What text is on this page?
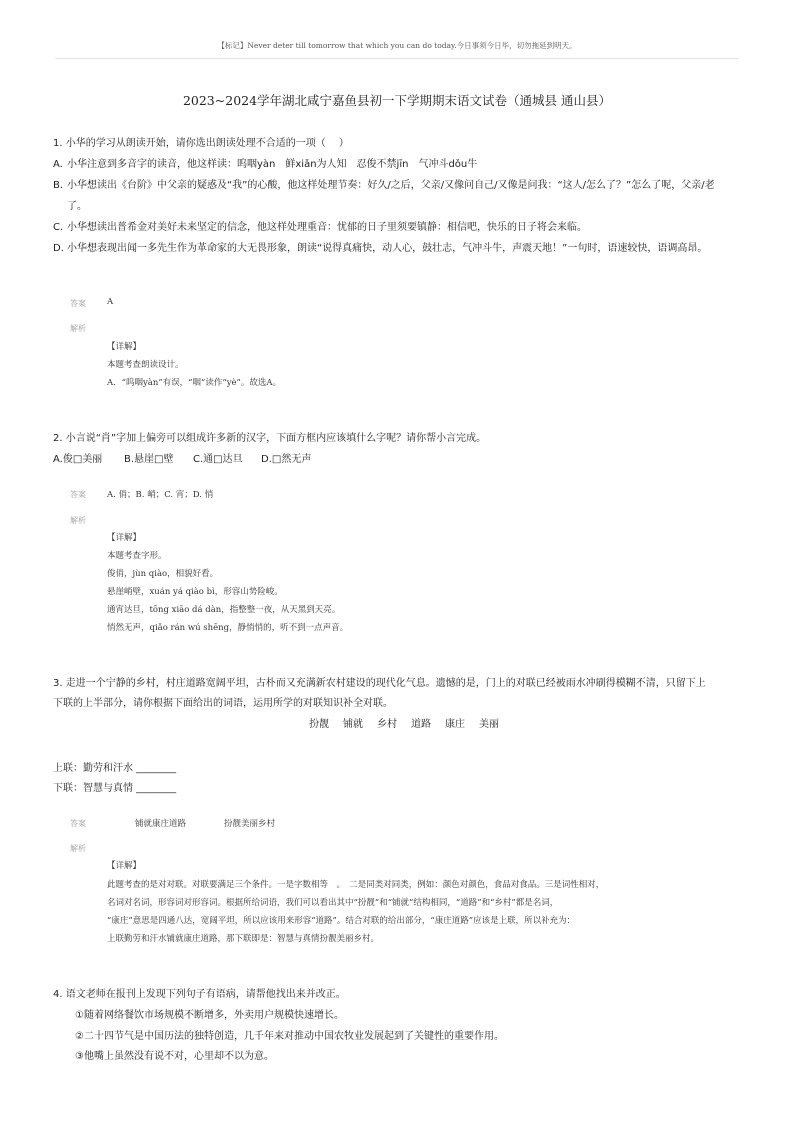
【标记】Never deter till tomorrow that which you can do today.今日事须今日毕，切勿拖延到明天。
2023~2024学年湖北咸宁嘉鱼县初一下学期期末语文试卷（通城县 通山县）
1. 小华的学习从朗读开始，请你选出朗读处理不合适的一项（　 ）
A. 小华注意到多音字的读音，他这样读：呜咽yàn　鲜xiǎn为人知　忍俊不禁jīn　气冲斗dǒu牛
B. 小华想读出《台阶》中父亲的疑惑及“我”的心酸，他这样处理节奏：好久/之后，父亲/又像问自己/又像是问我：“这人/怎么了？”怎么了呢，父亲/老了。
C. 小华想读出普希金对美好未来坚定的信念，他这样处理重音：忧郁的日子里须要镇静：相信吧，快乐的日子将会来临。
D. 小华想表现出闻一多先生作为革命家的大无畏形象，朗读“说得真痛快，动人心，鼓壮志，气冲斗牛，声震天地！”一句时，语速较快，语调高昂。
答案 A
解析
【详解】
本题考查朗读设计。
A．“呜咽yàn”有误，“咽”读作“yè”。故选A。
2. 小言说“肖”字加上偏旁可以组成许多新的汉字，下面方框内应该填什么字呢？请你帮小言完成。
A.俊□美丽 B.悬崖□壁 C.通□达旦 D.□然无声
答案 A. 俏；B. 峭；C. 宵；D. 悄
解析
【详解】
本题考查字形。
俊俏，jùn qiào，相貌好看。
悬崖峭壁，xuán yá qiào bì，形容山势险峻。
通宵达旦，tōng xiāo dá dàn，指整整一夜，从天黑到天亮。
悄然无声，qiǎo rán wú shēng，静悄悄的，听不到一点声音。
3. 走进一个宁静的乡村，村庄道路宽阔平坦，古朴而又充满新农村建设的现代化气息。遗憾的是，门上的对联已经被雨水冲刷得模糊不清，只留下上
下联的上半部分，请你根据下面给出的词语，运用所学的对联知识补全对联。
扮靓 铺就 乡村 道路 康庄 美丽
上联：勤劳和汗水 ________
下联：智慧与真情 ________
答案	铺就康庄道路	扮靓美丽乡村
解析
【详解】
此题考查的是对对联。对联要满足三个条件。一是字数相等　。　二是同类对同类，例如：颜色对颜色，食品对食品。三是词性相对，
名词对名词，形容词对形容词。根据所给词语，我们可以看出其中“扮靓”和“铺就”结构相同，“道路”和“乡村”都是名词，
“康庄”意思是四通八达，宽阔平坦，所以应该用来形容“道路”。结合对联的给出部分，“康庄道路”应该是上联，所以补充为：
上联勤劳和汗水铺就康庄道路，那下联即是：智慧与真情扮靓美丽乡村。
4. 语文老师在报刊上发现下列句子有语病，请帮他找出来并改正。
①随着网络餐饮市场规模不断增多，外卖用户规模快速增长。
②二十四节气是中国历法的独特创造，几千年来对推动中国农牧业发展起到了关键性的重要作用。
③他嘴上虽然没有说不对，心里却不以为意。
